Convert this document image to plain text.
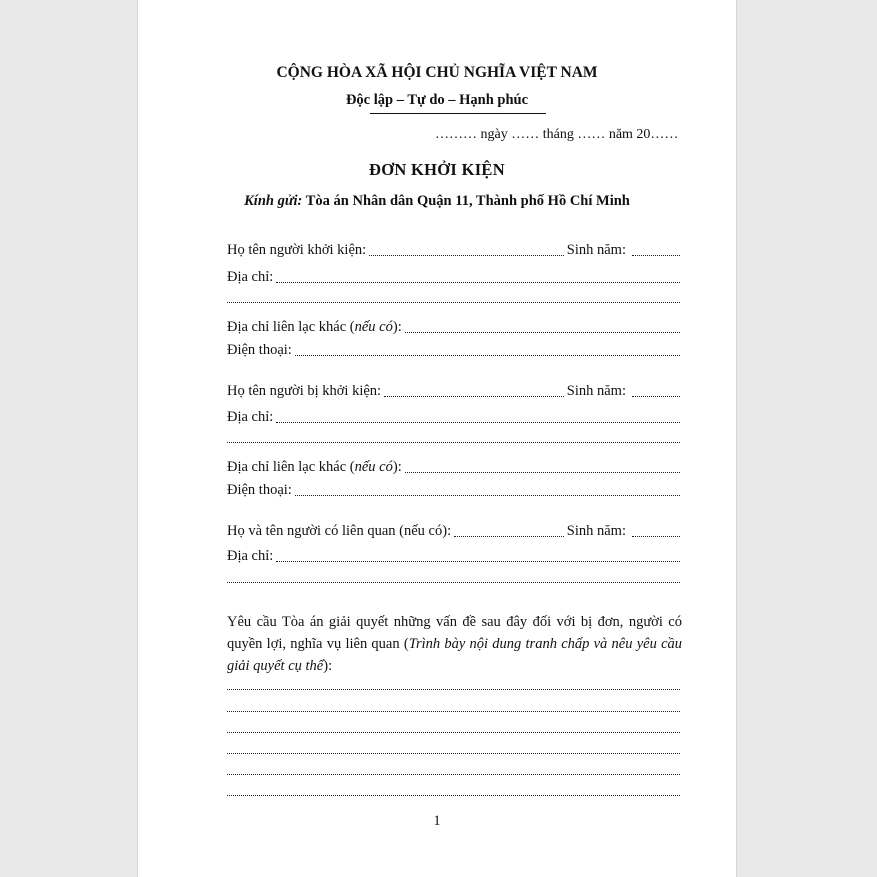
CỘNG HÒA XÃ HỘI CHỦ NGHĨA VIỆT NAM
Độc lập – Tự do – Hạnh phúc
……… ngày …… tháng …… năm 20……
ĐƠN KHỞI KIỆN
Kính gửi: Tòa án Nhân dân Quận 11, Thành phố Hồ Chí Minh
Họ tên người khởi kiện:	Sinh năm:
Địa chỉ:
Địa chỉ liên lạc khác (nếu có):
Điện thoại:
Họ tên người bị khởi kiện:	Sinh năm:
Địa chỉ:
Địa chỉ liên lạc khác (nếu có):
Điện thoại:
Họ và tên người có liên quan (nếu có):	Sinh năm:
Địa chỉ:
Yêu cầu Tòa án giải quyết những vấn đề sau đây đối với bị đơn, người có quyền lợi, nghĩa vụ liên quan (Trình bày nội dung tranh chấp và nêu yêu cầu giải quyết cụ thể):
1
